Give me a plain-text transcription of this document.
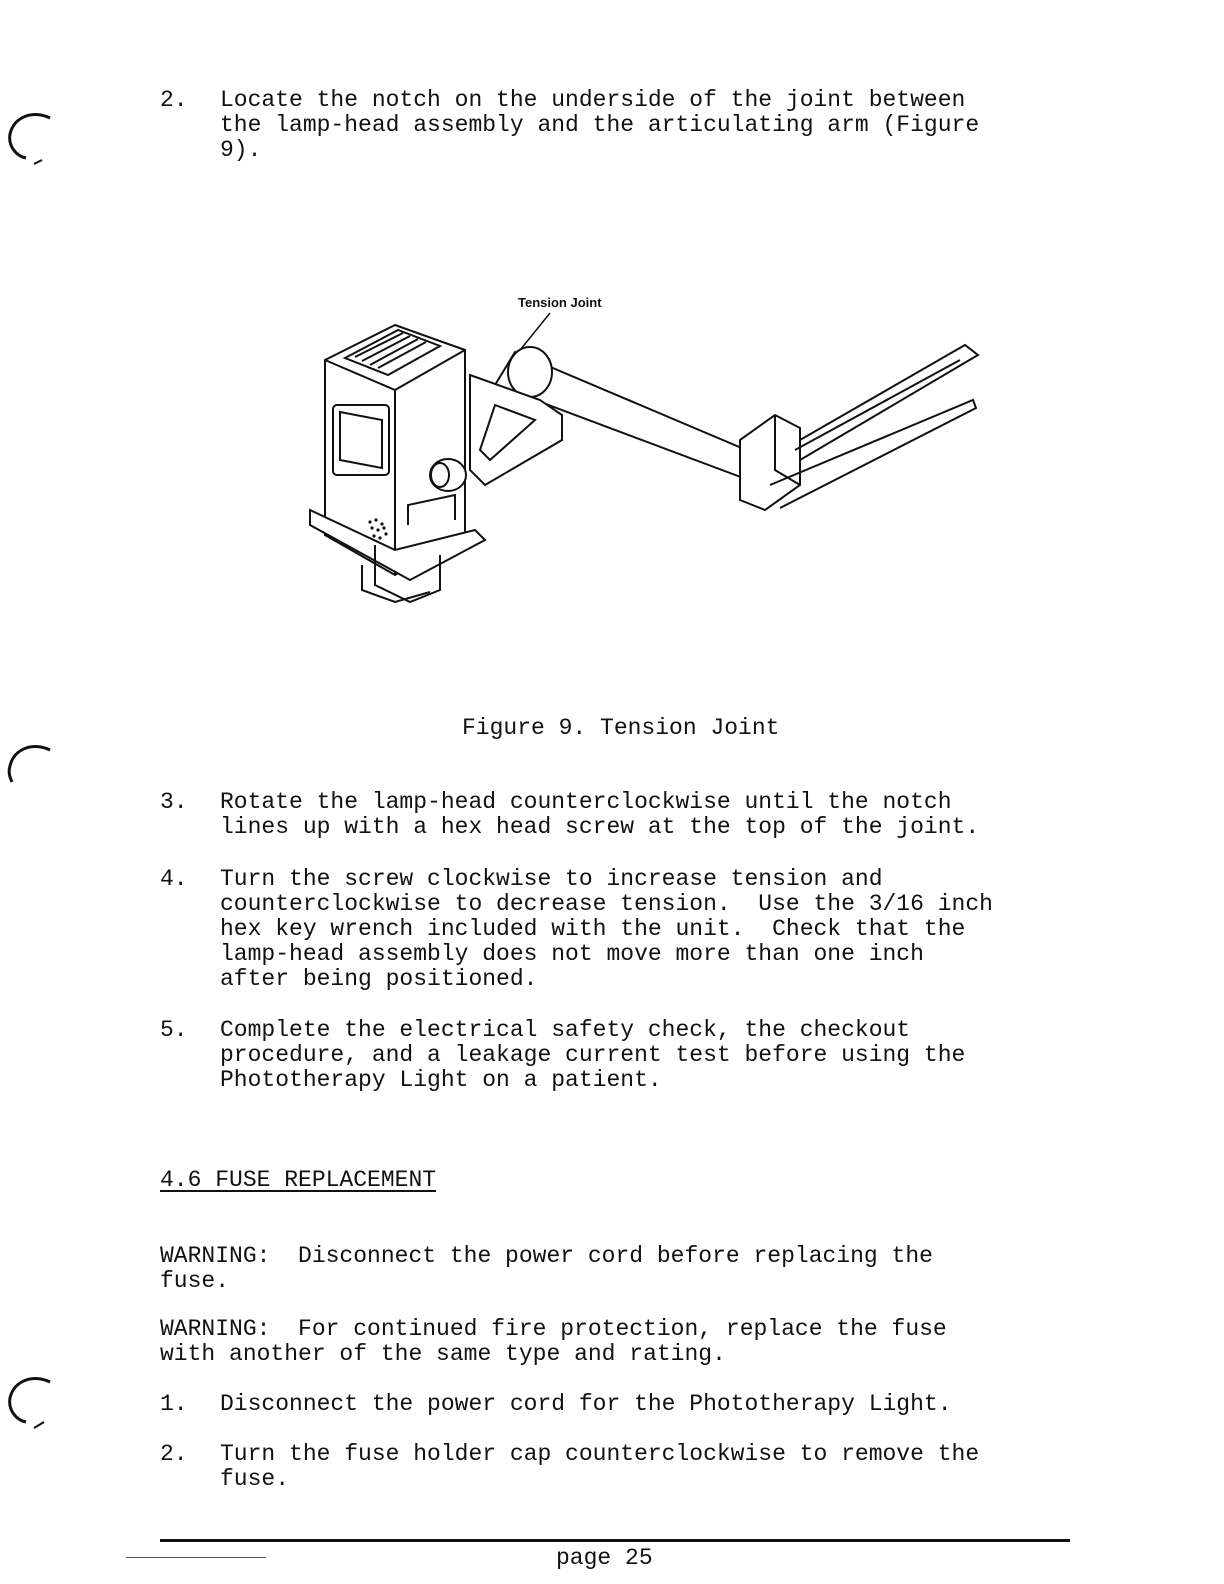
2. Locate the notch on the underside of the joint between
the lamp-head assembly and the articulating arm (Figure
9).
Tension Joint
Figure 9. Tension Joint
3. Rotate the lamp-head counterclockwise until the notch
lines up with a hex head screw at the top of the joint.
4. Turn the screw clockwise to increase tension and
counterclockwise to decrease tension.  Use the 3/16 inch
hex key wrench included with the unit.  Check that the
lamp-head assembly does not move more than one inch
after being positioned.
5. Complete the electrical safety check, the checkout
procedure, and a leakage current test before using the
Phototherapy Light on a patient.
4.6 FUSE REPLACEMENT
WARNING:  Disconnect the power cord before replacing the
fuse.
WARNING:  For continued fire protection, replace the fuse
with another of the same type and rating.
1. Disconnect the power cord for the Phototherapy Light.
2. Turn the fuse holder cap counterclockwise to remove the
fuse.
page 25
